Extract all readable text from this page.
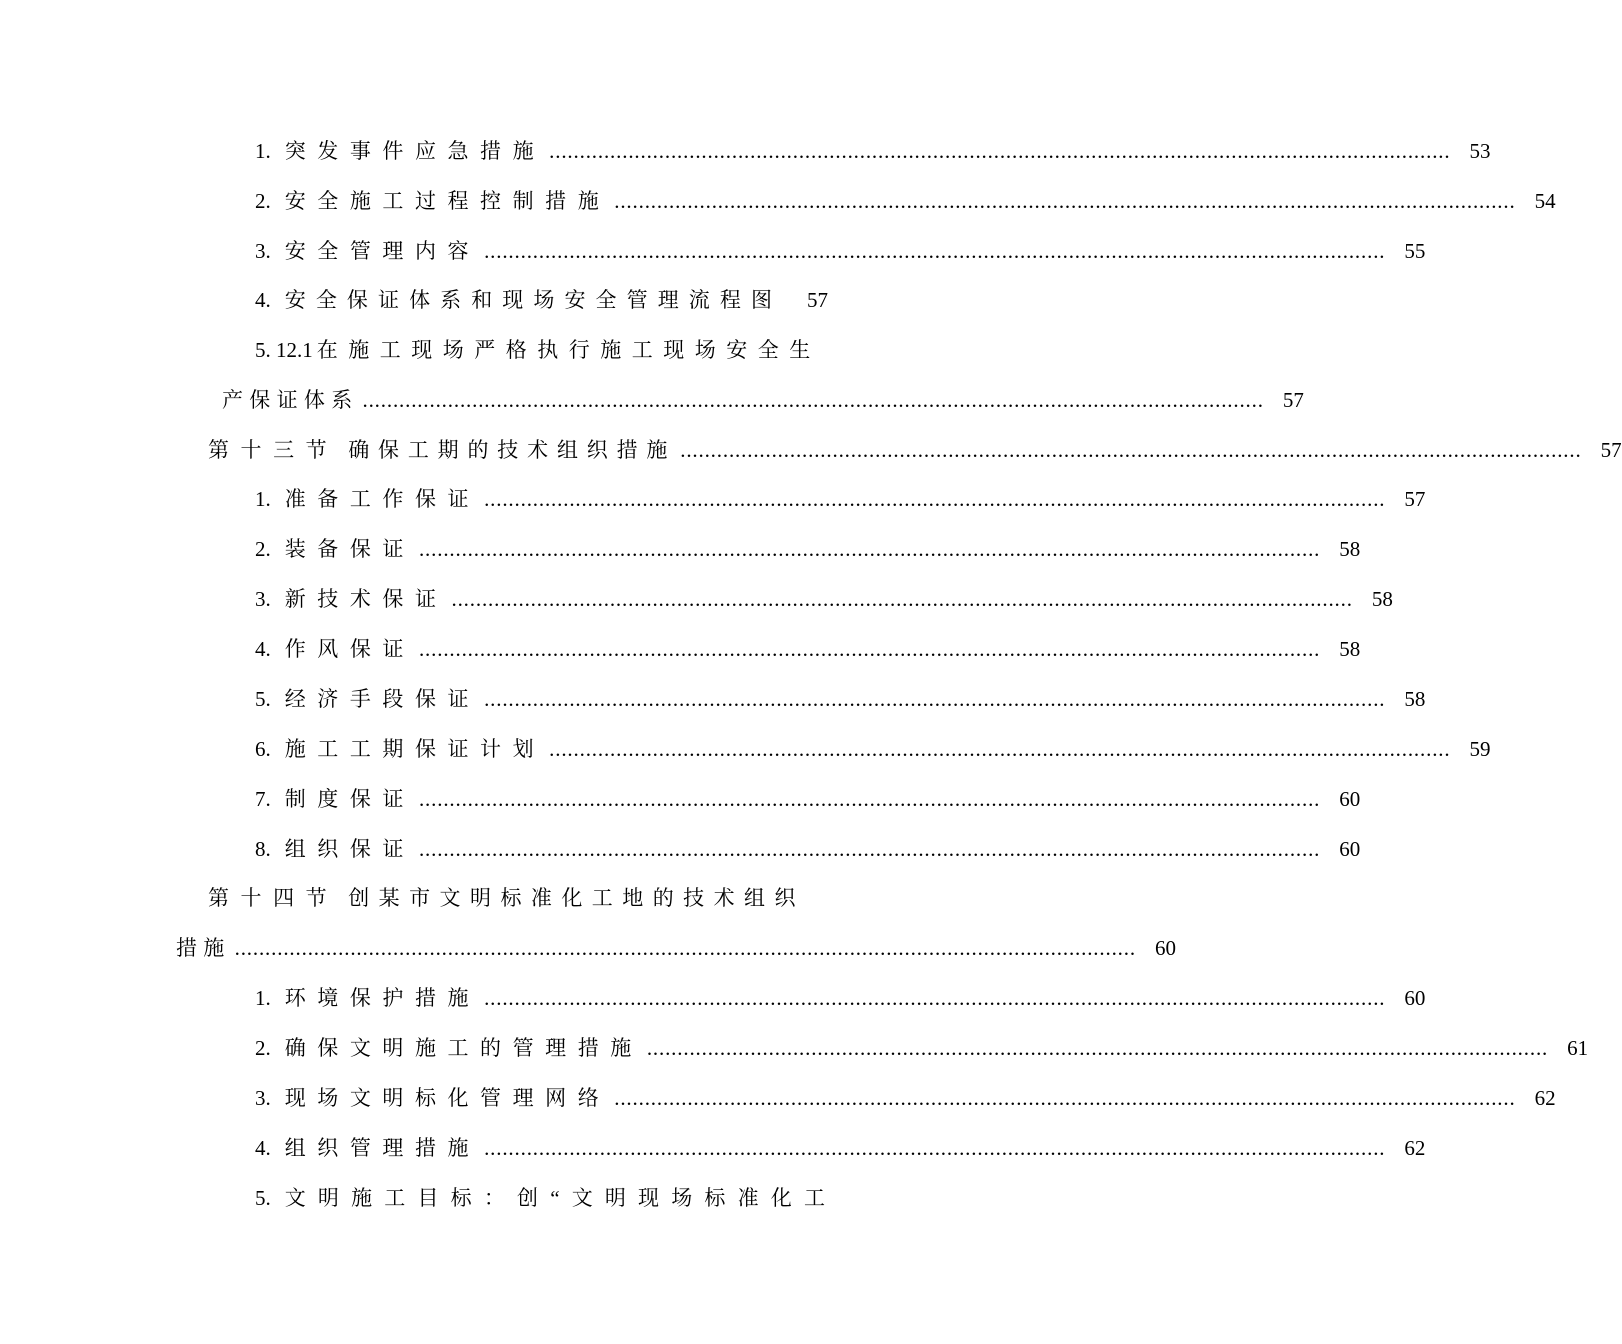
1. 突发事件应急措施 .................................................................................................................................................... 53
2. 安全施工过程控制措施 .................................................................................................................................................... 54
3. 安全管理内容 .................................................................................................................................................... 55
4. 安全保证体系和现场安全管理流程图	57
5. 12.1 在施工现场严格执行施工现场安全生
产保证体系 .................................................................................................................................................... 57
第十三节 确保工期的技术组织措施 .................................................................................................................................................... 57
1. 准备工作保证 .................................................................................................................................................... 57
2. 装备保证 .................................................................................................................................................... 58
3. 新技术保证 .................................................................................................................................................... 58
4. 作风保证 .................................................................................................................................................... 58
5. 经济手段保证 .................................................................................................................................................... 58
6. 施工工期保证计划 .................................................................................................................................................... 59
7. 制度保证 .................................................................................................................................................... 60
8. 组织保证 .................................................................................................................................................... 60
第十四节 创某市文明标准化工地的技术组织
措施 .................................................................................................................................................... 60
1. 环境保护措施 .................................................................................................................................................... 60
2. 确保文明施工的管理措施 .................................................................................................................................................... 61
3. 现场文明标化管理网络 .................................................................................................................................................... 62
4. 组织管理措施 .................................................................................................................................................... 62
5. 文明施工目标：创“文明现场标准化工
